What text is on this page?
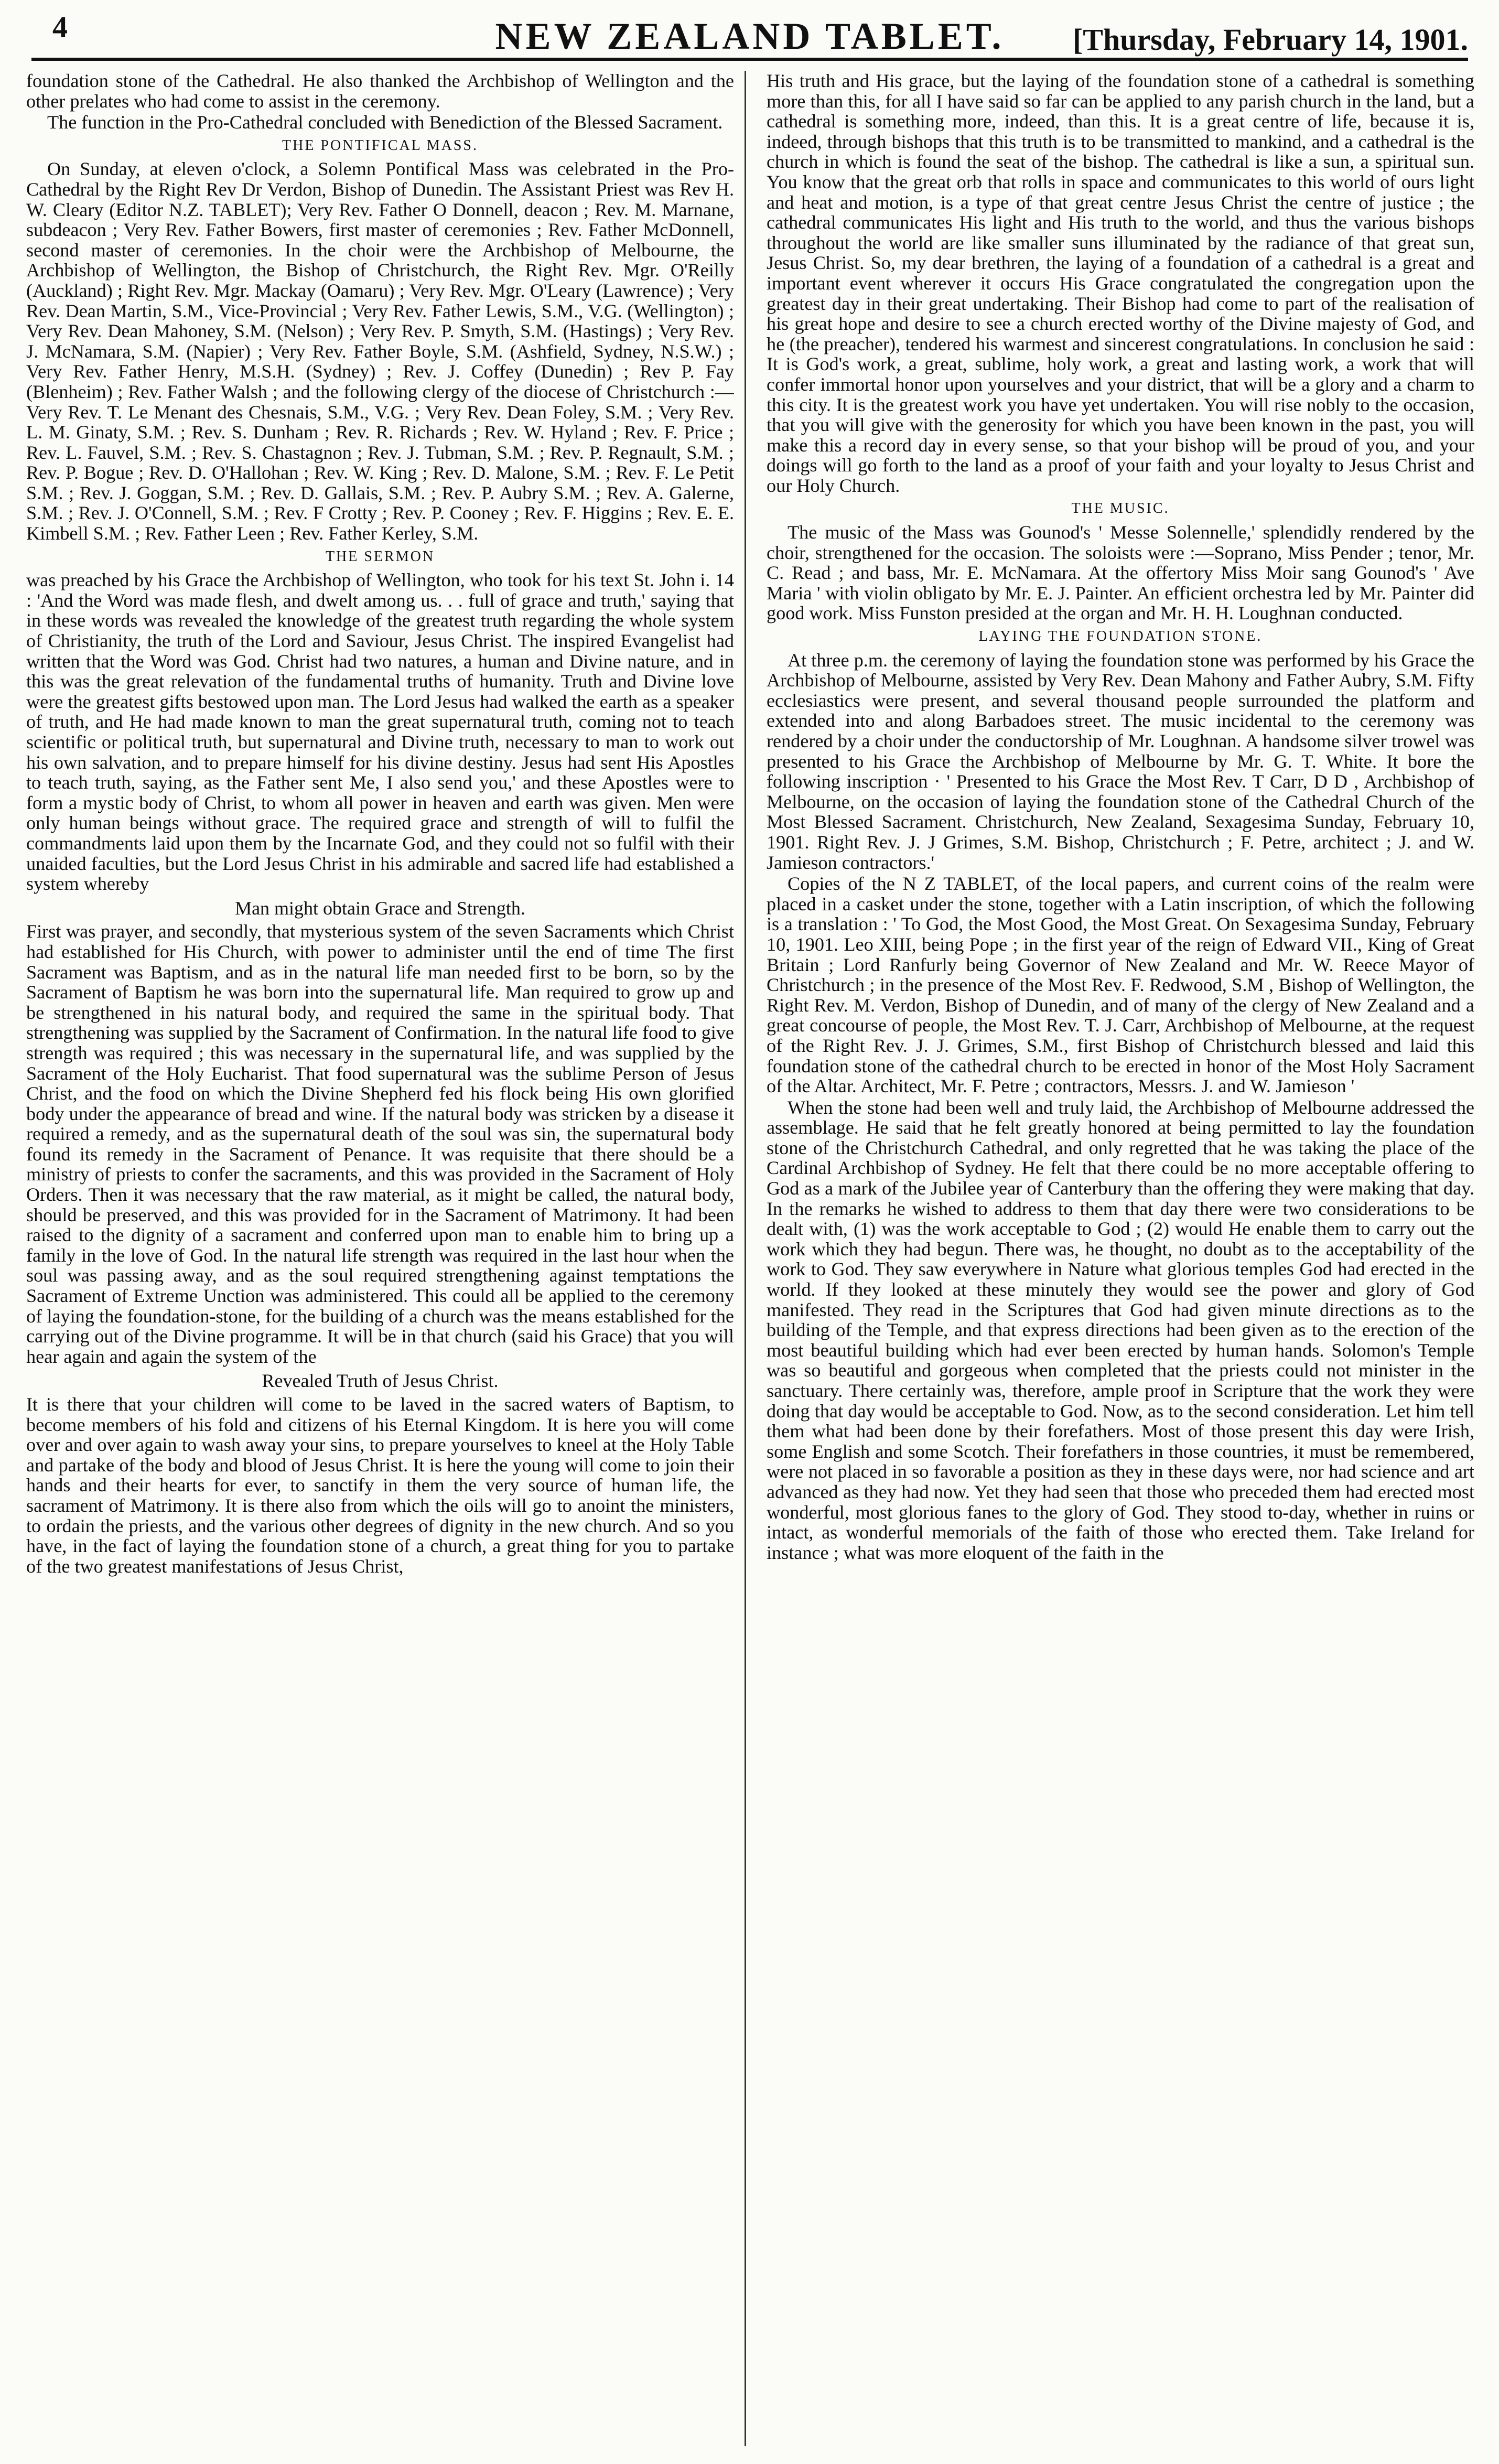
4	NEW ZEALAND TABLET.	[Thursday, February 14, 1901.

foundation stone of the Cathedral. He also thanked the Archbishop of Wellington and the other prelates who had come to assist in the ceremony.

The function in the Pro-Cathedral concluded with Benediction of the Blessed Sacrament.

THE PONTIFICAL MASS.

On Sunday, at eleven o'clock, a Solemn Pontifical Mass was celebrated in the Pro-Cathedral by the Right Rev Dr Verdon, Bishop of Dunedin. The Assistant Priest was Rev H. W. Cleary (Editor N.Z. TABLET); Very Rev. Father O Donnell, deacon ; Rev. M. Marnane, subdeacon ; Very Rev. Father Bowers, first master of ceremonies ; Rev. Father McDonnell, second master of ceremonies. In the choir were the Archbishop of Melbourne, the Archbishop of Wellington, the Bishop of Christchurch, the Right Rev. Mgr. O'Reilly (Auckland) ; Right Rev. Mgr. Mackay (Oamaru) ; Very Rev. Mgr. O'Leary (Lawrence) ; Very Rev. Dean Martin, S.M., Vice-Provincial ; Very Rev. Father Lewis, S.M., V.G. (Wellington) ; Very Rev. Dean Mahoney, S.M. (Nelson) ; Very Rev. P. Smyth, S.M. (Hastings) ; Very Rev. J. McNamara, S.M. (Napier) ; Very Rev. Father Boyle, S.M. (Ashfield, Sydney, N.S.W.) ; Very Rev. Father Henry, M.S.H. (Sydney) ; Rev. J. Coffey (Dunedin) ; Rev P. Fay (Blenheim) ; Rev. Father Walsh ; and the following clergy of the diocese of Christchurch :—Very Rev. T. Le Menant des Chesnais, S.M., V.G. ; Very Rev. Dean Foley, S.M. ; Very Rev. L. M. Ginaty, S.M. ; Rev. S. Dunham ; Rev. R. Richards ; Rev. W. Hyland ; Rev. F. Price ; Rev. L. Fauvel, S.M. ; Rev. S. Chastagnon ; Rev. J. Tubman, S.M. ; Rev. P. Regnault, S.M. ; Rev. P. Bogue ; Rev. D. O'Hallohan ; Rev. W. King ; Rev. D. Malone, S.M. ; Rev. F. Le Petit S.M. ; Rev. J. Goggan, S.M. ; Rev. D. Gallais, S.M. ; Rev. P. Aubry S.M. ; Rev. A. Galerne, S.M. ; Rev. J. O'Connell, S.M. ; Rev. F Crotty ; Rev. P. Cooney ; Rev. F. Higgins ; Rev. E. E. Kimbell S.M. ; Rev. Father Leen ; Rev. Father Kerley, S.M.

THE SERMON

was preached by his Grace the Archbishop of Wellington, who took for his text St. John i. 14 : 'And the Word was made flesh, and dwelt among us. . . full of grace and truth,' saying that in these words was revealed the knowledge of the greatest truth regarding the whole system of Christianity, the truth of the Lord and Saviour, Jesus Christ. The inspired Evangelist had written that the Word was God. Christ had two natures, a human and Divine nature, and in this was the great relevation of the fundamental truths of humanity. Truth and Divine love were the greatest gifts bestowed upon man. The Lord Jesus had walked the earth as a speaker of truth, and He had made known to man the great supernatural truth, coming not to teach scientific or political truth, but supernatural and Divine truth, necessary to man to work out his own salvation, and to prepare himself for his divine destiny. Jesus had sent His Apostles to teach truth, saying, as the Father sent Me, I also send you,' and these Apostles were to form a mystic body of Christ, to whom all power in heaven and earth was given. Men were only human beings without grace. The required grace and strength of will to fulfil the commandments laid upon them by the Incarnate God, and they could not so fulfil with their unaided faculties, but the Lord Jesus Christ in his admirable and sacred life had established a system whereby

Man might obtain Grace and Strength.

First was prayer, and secondly, that mysterious system of the seven Sacraments which Christ had established for His Church, with power to administer until the end of time The first Sacrament was Baptism, and as in the natural life man needed first to be born, so by the Sacrament of Baptism he was born into the supernatural life. Man required to grow up and be strengthened in his natural body, and required the same in the spiritual body. That strengthening was supplied by the Sacrament of Confirmation. In the natural life food to give strength was required ; this was necessary in the supernatural life, and was supplied by the Sacrament of the Holy Eucharist. That food supernatural was the sublime Person of Jesus Christ, and the food on which the Divine Shepherd fed his flock being His own glorified body under the appearance of bread and wine. If the natural body was stricken by a disease it required a remedy, and as the supernatural death of the soul was sin, the supernatural body found its remedy in the Sacrament of Penance. It was requisite that there should be a ministry of priests to confer the sacraments, and this was provided in the Sacrament of Holy Orders. Then it was necessary that the raw material, as it might be called, the natural body, should be preserved, and this was provided for in the Sacrament of Matrimony. It had been raised to the dignity of a sacrament and conferred upon man to enable him to bring up a family in the love of God. In the natural life strength was required in the last hour when the soul was passing away, and as the soul required strengthening against temptations the Sacrament of Extreme Unction was administered. This could all be applied to the ceremony of laying the foundation-stone, for the building of a church was the means established for the carrying out of the Divine programme. It will be in that church (said his Grace) that you will hear again and again the system of the

Revealed Truth of Jesus Christ.

It is there that your children will come to be laved in the sacred waters of Baptism, to become members of his fold and citizens of his Eternal Kingdom. It is here you will come over and over again to wash away your sins, to prepare yourselves to kneel at the Holy Table and partake of the body and blood of Jesus Christ. It is here the young will come to join their hands and their hearts for ever, to sanctify in them the very source of human life, the sacrament of Matrimony. It is there also from which the oils will go to anoint the ministers, to ordain the priests, and the various other degrees of dignity in the new church. And so you have, in the fact of laying the foundation stone of a church, a great thing for you to partake of the two greatest manifestations of Jesus Christ,

His truth and His grace, but the laying of the foundation stone of a cathedral is something more than this, for all I have said so far can be applied to any parish church in the land, but a cathedral is something more, indeed, than this. It is a great centre of life, because it is, indeed, through bishops that this truth is to be transmitted to mankind, and a cathedral is the church in which is found the seat of the bishop. The cathedral is like a sun, a spiritual sun. You know that the great orb that rolls in space and communicates to this world of ours light and heat and motion, is a type of that great centre Jesus Christ the centre of justice ; the cathedral communicates His light and His truth to the world, and thus the various bishops throughout the world are like smaller suns illuminated by the radiance of that great sun, Jesus Christ. So, my dear brethren, the laying of a foundation of a cathedral is a great and important event wherever it occurs His Grace congratulated the congregation upon the greatest day in their great undertaking. Their Bishop had come to part of the realisation of his great hope and desire to see a church erected worthy of the Divine majesty of God, and he (the preacher), tendered his warmest and sincerest congratulations. In conclusion he said : It is God's work, a great, sublime, holy work, a great and lasting work, a work that will confer immortal honor upon yourselves and your district, that will be a glory and a charm to this city. It is the greatest work you have yet undertaken. You will rise nobly to the occasion, that you will give with the generosity for which you have been known in the past, you will make this a record day in every sense, so that your bishop will be proud of you, and your doings will go forth to the land as a proof of your faith and your loyalty to Jesus Christ and our Holy Church.

THE MUSIC.

The music of the Mass was Gounod's ' Messe Solennelle,' splendidly rendered by the choir, strengthened for the occasion. The soloists were :—Soprano, Miss Pender ; tenor, Mr. C. Read ; and bass, Mr. E. McNamara. At the offertory Miss Moir sang Gounod's ' Ave Maria ' with violin obligato by Mr. E. J. Painter. An efficient orchestra led by Mr. Painter did good work. Miss Funston presided at the organ and Mr. H. H. Loughnan conducted.

LAYING THE FOUNDATION STONE.

At three p.m. the ceremony of laying the foundation stone was performed by his Grace the Archbishop of Melbourne, assisted by Very Rev. Dean Mahony and Father Aubry, S.M. Fifty ecclesiastics were present, and several thousand people surrounded the platform and extended into and along Barbadoes street. The music incidental to the ceremony was rendered by a choir under the conductorship of Mr. Loughnan. A handsome silver trowel was presented to his Grace the Archbishop of Melbourne by Mr. G. T. White. It bore the following inscription · ' Presented to his Grace the Most Rev. T Carr, D D , Archbishop of Melbourne, on the occasion of laying the foundation stone of the Cathedral Church of the Most Blessed Sacrament. Christchurch, New Zealand, Sexagesima Sunday, February 10, 1901. Right Rev. J. J Grimes, S.M. Bishop, Christchurch ; F. Petre, architect ; J. and W. Jamieson contractors.'

Copies of the N Z TABLET, of the local papers, and current coins of the realm were placed in a casket under the stone, together with a Latin inscription, of which the following is a translation : ' To God, the Most Good, the Most Great. On Sexagesima Sunday, February 10, 1901. Leo XIII, being Pope ; in the first year of the reign of Edward VII., King of Great Britain ; Lord Ranfurly being Governor of New Zealand and Mr. W. Reece Mayor of Christchurch ; in the presence of the Most Rev. F. Redwood, S.M , Bishop of Wellington, the Right Rev. M. Verdon, Bishop of Dunedin, and of many of the clergy of New Zealand and a great concourse of people, the Most Rev. T. J. Carr, Archbishop of Melbourne, at the request of the Right Rev. J. J. Grimes, S.M., first Bishop of Christchurch blessed and laid this foundation stone of the cathedral church to be erected in honor of the Most Holy Sacrament of the Altar. Architect, Mr. F. Petre ; contractors, Messrs. J. and W. Jamieson '

When the stone had been well and truly laid, the Archbishop of Melbourne addressed the assemblage. He said that he felt greatly honored at being permitted to lay the foundation stone of the Christchurch Cathedral, and only regretted that he was taking the place of the Cardinal Archbishop of Sydney. He felt that there could be no more acceptable offering to God as a mark of the Jubilee year of Canterbury than the offering they were making that day. In the remarks he wished to address to them that day there were two considerations to be dealt with, (1) was the work acceptable to God ; (2) would He enable them to carry out the work which they had begun. There was, he thought, no doubt as to the acceptability of the work to God. They saw everywhere in Nature what glorious temples God had erected in the world. If they looked at these minutely they would see the power and glory of God manifested. They read in the Scriptures that God had given minute directions as to the building of the Temple, and that express directions had been given as to the erection of the most beautiful building which had ever been erected by human hands. Solomon's Temple was so beautiful and gorgeous when completed that the priests could not minister in the sanctuary. There certainly was, therefore, ample proof in Scripture that the work they were doing that day would be acceptable to God. Now, as to the second consideration. Let him tell them what had been done by their forefathers. Most of those present this day were Irish, some English and some Scotch. Their forefathers in those countries, it must be remembered, were not placed in so favorable a position as they in these days were, nor had science and art advanced as they had now. Yet they had seen that those who preceded them had erected most wonderful, most glorious fanes to the glory of God. They stood to-day, whether in ruins or intact, as wonderful memorials of the faith of those who erected them. Take Ireland for instance ; what was more eloquent of the faith in the
